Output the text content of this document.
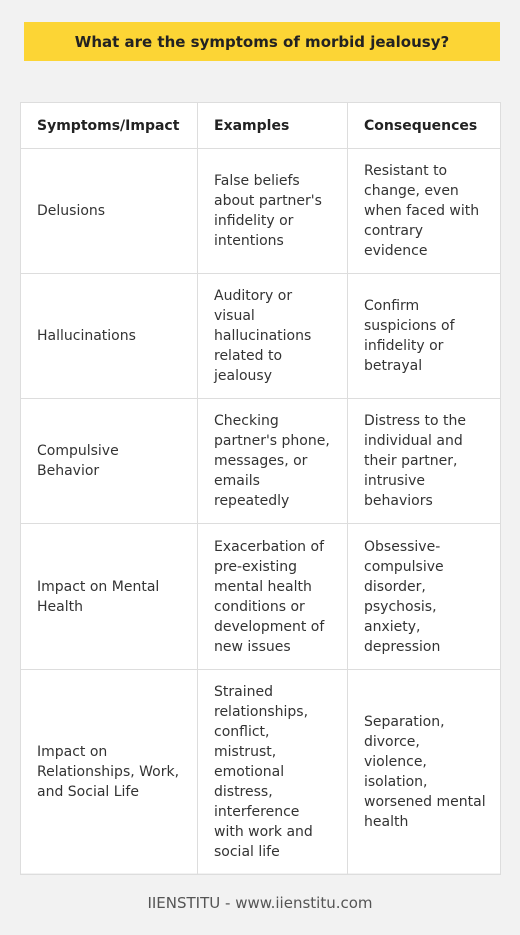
What are the symptoms of morbid jealousy?
Symptoms/Impact	Examples	Consequences
Delusions	False beliefs about partner's infidelity or intentions	Resistant to change, even when faced with contrary evidence
Hallucinations	Auditory or visual hallucinations related to jealousy	Confirm suspicions of infidelity or betrayal
Compulsive Behavior	Checking partner's phone, messages, or emails repeatedly	Distress to the individual and their partner, intrusive behaviors
Impact on Mental Health	Exacerbation of pre-existing mental health conditions or development of new issues	Obsessive-compulsive disorder, psychosis, anxiety, depression
Impact on Relationships, Work, and Social Life	Strained relationships, conflict, mistrust, emotional distress, interference with work and social life	Separation, divorce, violence, isolation, worsened mental health
IIENSTITU - www.iienstitu.com
